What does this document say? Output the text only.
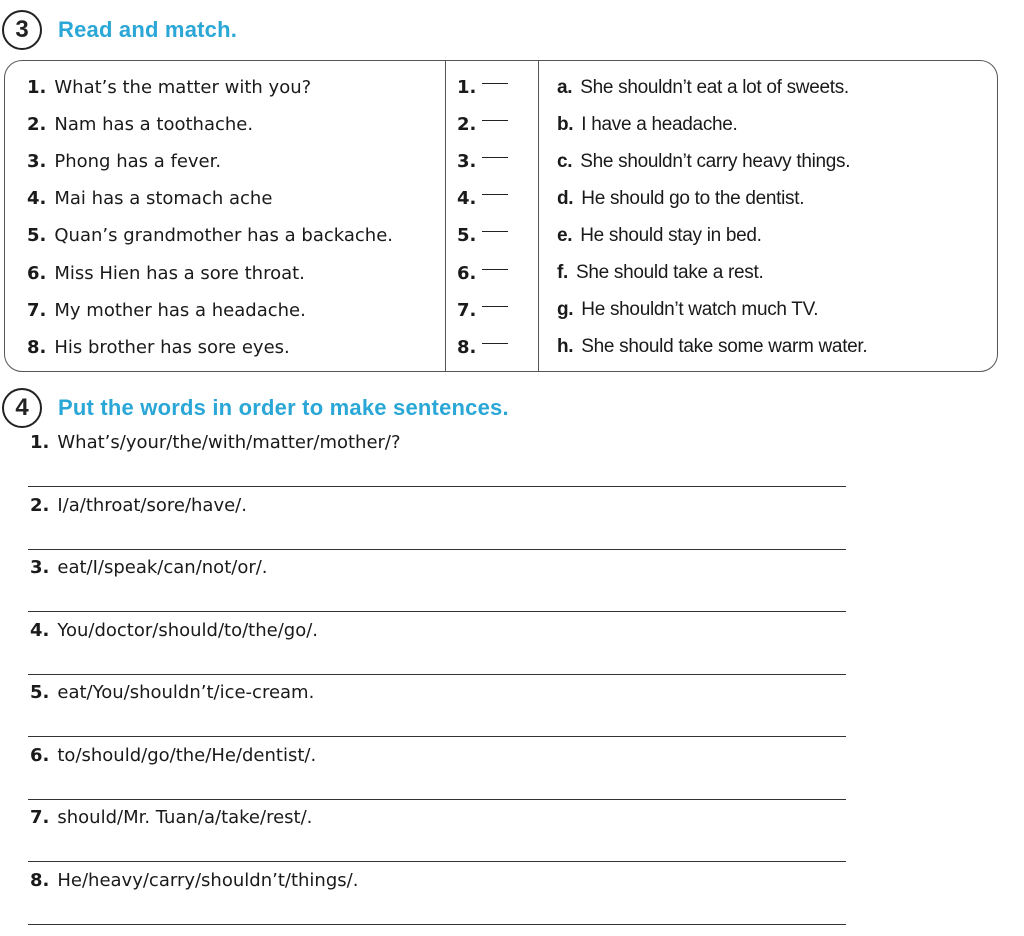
3	Read and match.
1. What’s the matter with you?	1.	a. She shouldn’t eat a lot of sweets.
2. Nam has a toothache.	2.	b. I have a headache.
3. Phong has a fever.	3.	c. She shouldn’t carry heavy things.
4. Mai has a stomach ache	4.	d. He should go to the dentist.
5. Quan’s grandmother has a backache.	5.	e. He should stay in bed.
6. Miss Hien has a sore throat.	6.	f. She should take a rest.
7. My mother has a headache.	7.	g. He shouldn’t watch much TV.
8. His brother has sore eyes.	8.	h. She should take some warm water.
4	Put the words in order to make sentences.
1. What’s/your/the/with/matter/mother/?
2. I/a/throat/sore/have/.
3. eat/I/speak/can/not/or/.
4. You/doctor/should/to/the/go/.
5. eat/You/shouldn’t/ice-cream.
6. to/should/go/the/He/dentist/.
7. should/Mr. Tuan/a/take/rest/.
8. He/heavy/carry/shouldn’t/things/.
